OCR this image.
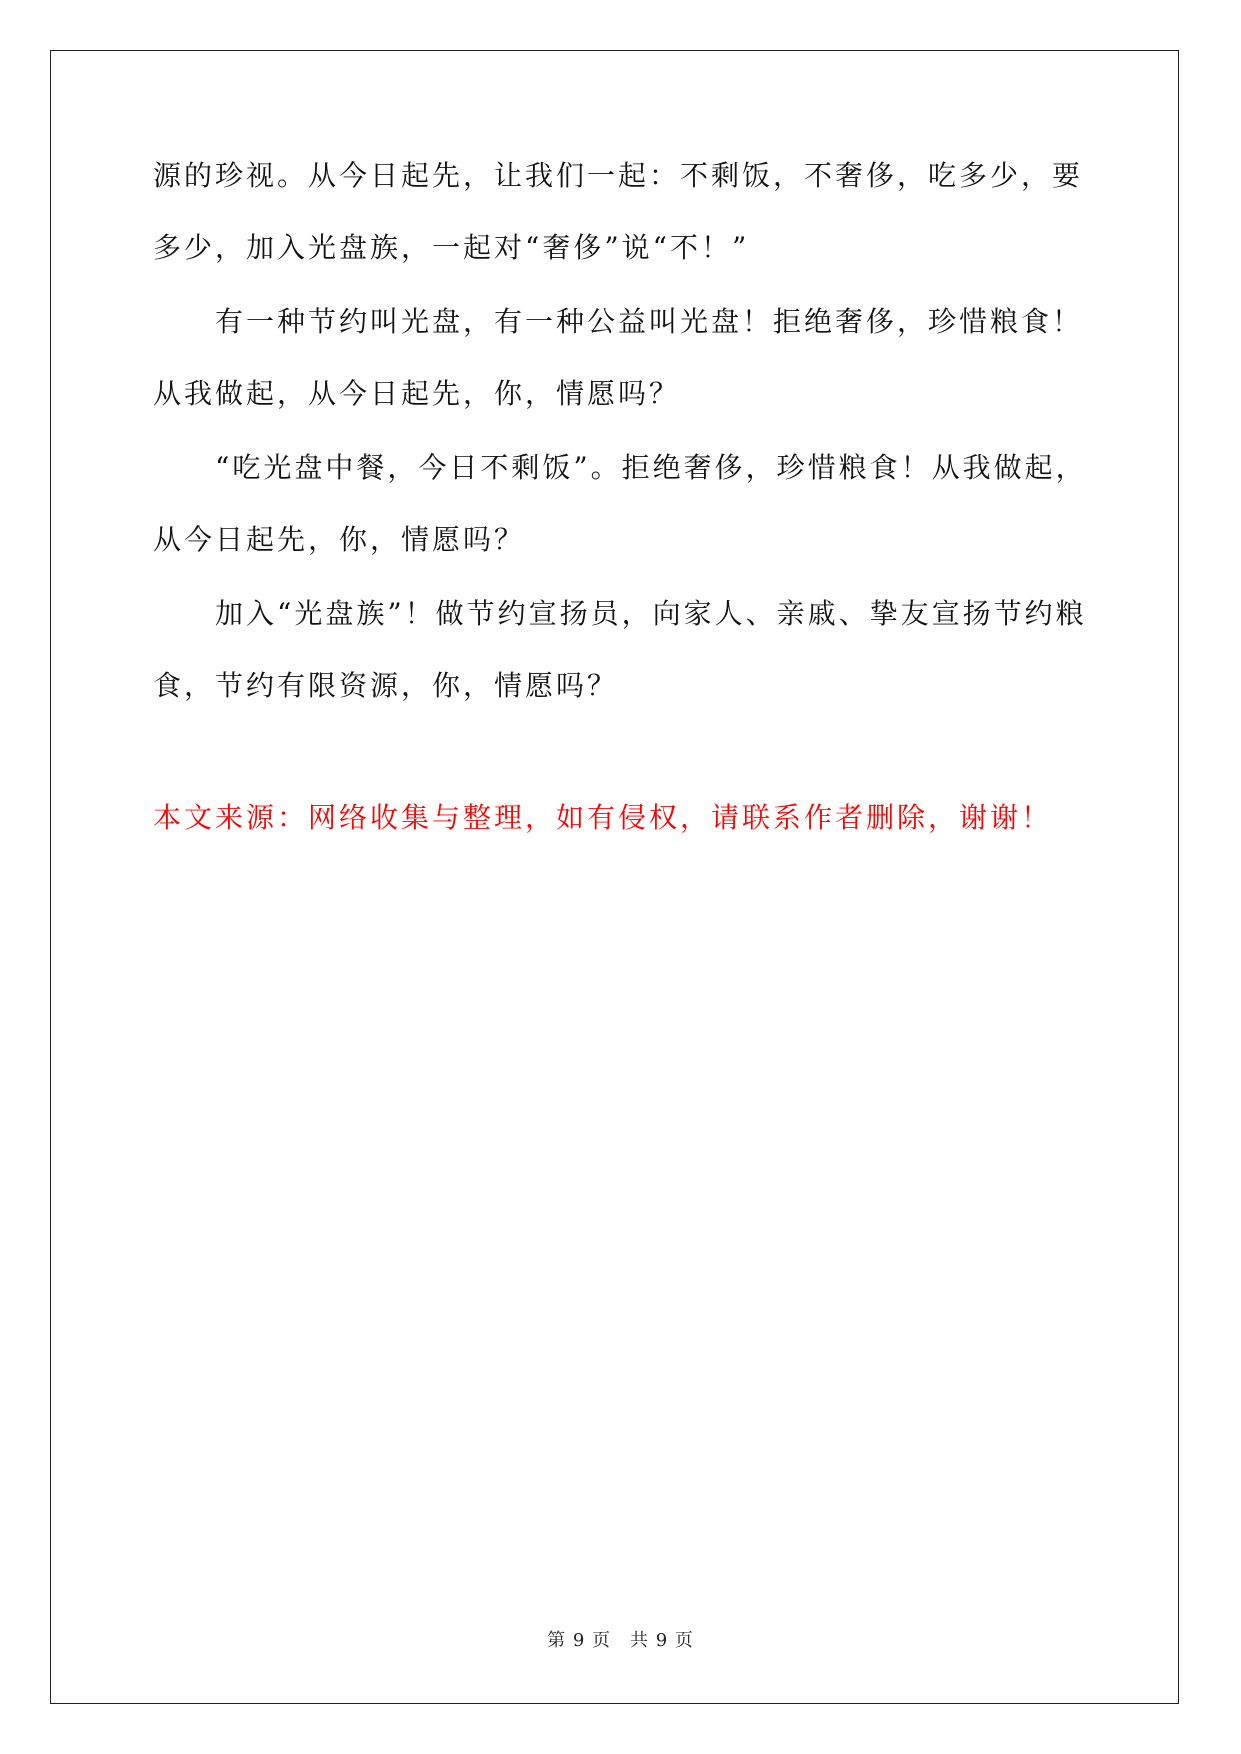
源的珍视。从今日起先，让我们一起：不剩饭，不奢侈，吃多少，要

多少，加入光盘族，一起对“奢侈”说“不！”

　　有一种节约叫光盘，有一种公益叫光盘！拒绝奢侈，珍惜粮食！

从我做起，从今日起先，你，情愿吗？

　　“吃光盘中餐，今日不剩饭”。拒绝奢侈，珍惜粮食！从我做起，

从今日起先，你，情愿吗？

　　加入“光盘族”！做节约宣扬员，向家人、亲戚、挚友宣扬节约粮

食，节约有限资源，你，情愿吗？

本文来源：网络收集与整理，如有侵权，请联系作者删除，谢谢！

第 9 页　共 9 页
